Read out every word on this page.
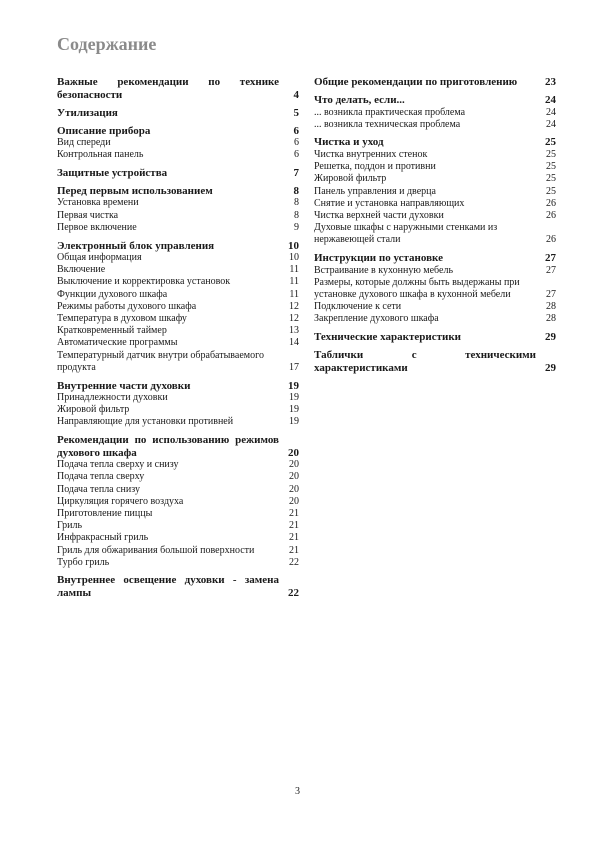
Содержание
Важные рекомендации по технике безопасности	4
Утилизация	5
Описание прибора	6
Вид спереди	6
Контрольная панель	6
Защитные устройства	7
Перед первым использованием	8
Установка времени	8
Первая чистка	8
Первое включение	9
Электронный блок управления	10
Общая информация	10
Включение	11
Выключение и корректировка установок	11
Функции духового шкафа	11
Режимы работы духового шкафа	12
Температура в духовом шкафу	12
Кратковременный таймер	13
Автоматические программы	14
Температурный датчик внутри обрабатываемого продукта	17
Внутренние части духовки	19
Принадлежности духовки	19
Жировой фильтр	19
Направляющие для установки противней	19
Рекомендации по использованию режимов духового шкафа	20
Подача тепла сверху и снизу	20
Подача тепла сверху	20
Подача тепла снизу	20
Циркуляция горячего воздуха	20
Приготовление пиццы	21
Гриль	21
Инфракрасный гриль	21
Гриль для обжаривания большой поверхности	21
Турбо гриль	22
Внутреннее освещение духовки - замена лампы	22
Общие рекомендации по приготовлению	23
Что делать, если...	24
... возникла практическая проблема	24
... возникла техническая проблема	24
Чистка и уход	25
Чистка внутренних стенок	25
Решетка, поддон и противни	25
Жировой фильтр	25
Панель управления и дверца	25
Снятие и установка направляющих	26
Чистка верхней части духовки	26
Духовые шкафы с наружными стенками из нержавеющей стали	26
Инструкции по установке	27
Встраивание в кухонную мебель	27
Размеры, которые должны быть выдержаны при установке духового шкафа в кухонной мебели	27
Подключение к сети	28
Закрепление духового шкафа	28
Технические характеристики	29
Таблички с техническими характеристиками	29
3
